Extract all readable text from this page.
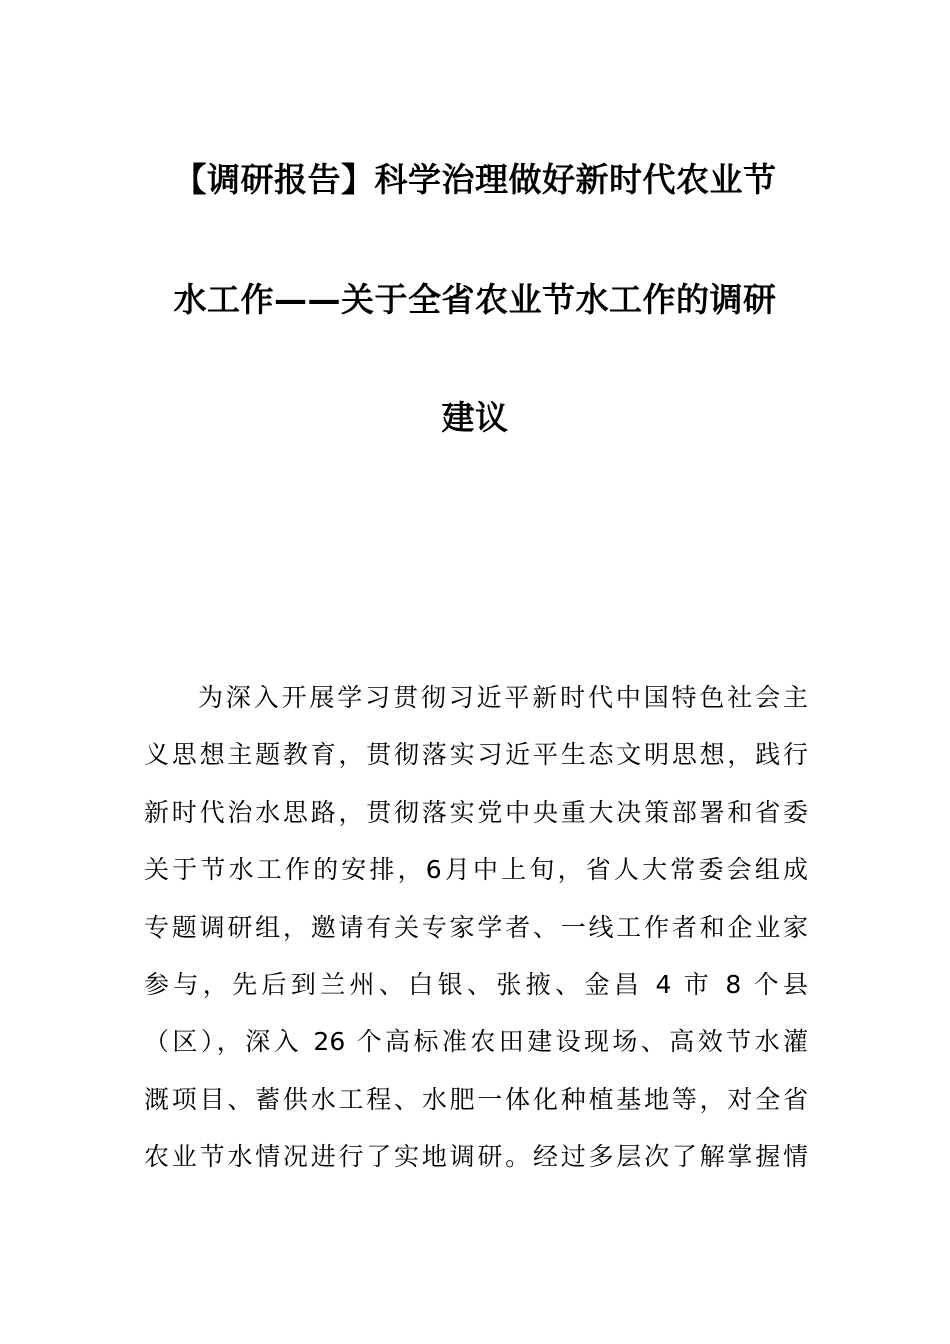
【调研报告】科学治理做好新时代农业节
水工作——关于全省农业节水工作的调研
建议
为深入开展学习贯彻习近平新时代中国特色社会主
义思想主题教育，贯彻落实习近平生态文明思想，践行
新时代治水思路，贯彻落实党中央重大决策部署和省委
关于节水工作的安排，6月中上旬，省人大常委会组成
专题调研组，邀请有关专家学者、一线工作者和企业家
参与，先后到兰州、白银、张掖、金昌 4 市 8 个县
（区），深入 26 个高标准农田建设现场、高效节水灌
溉项目、蓄供水工程、水肥一体化种植基地等，对全省
农业节水情况进行了实地调研。经过多层次了解掌握情
